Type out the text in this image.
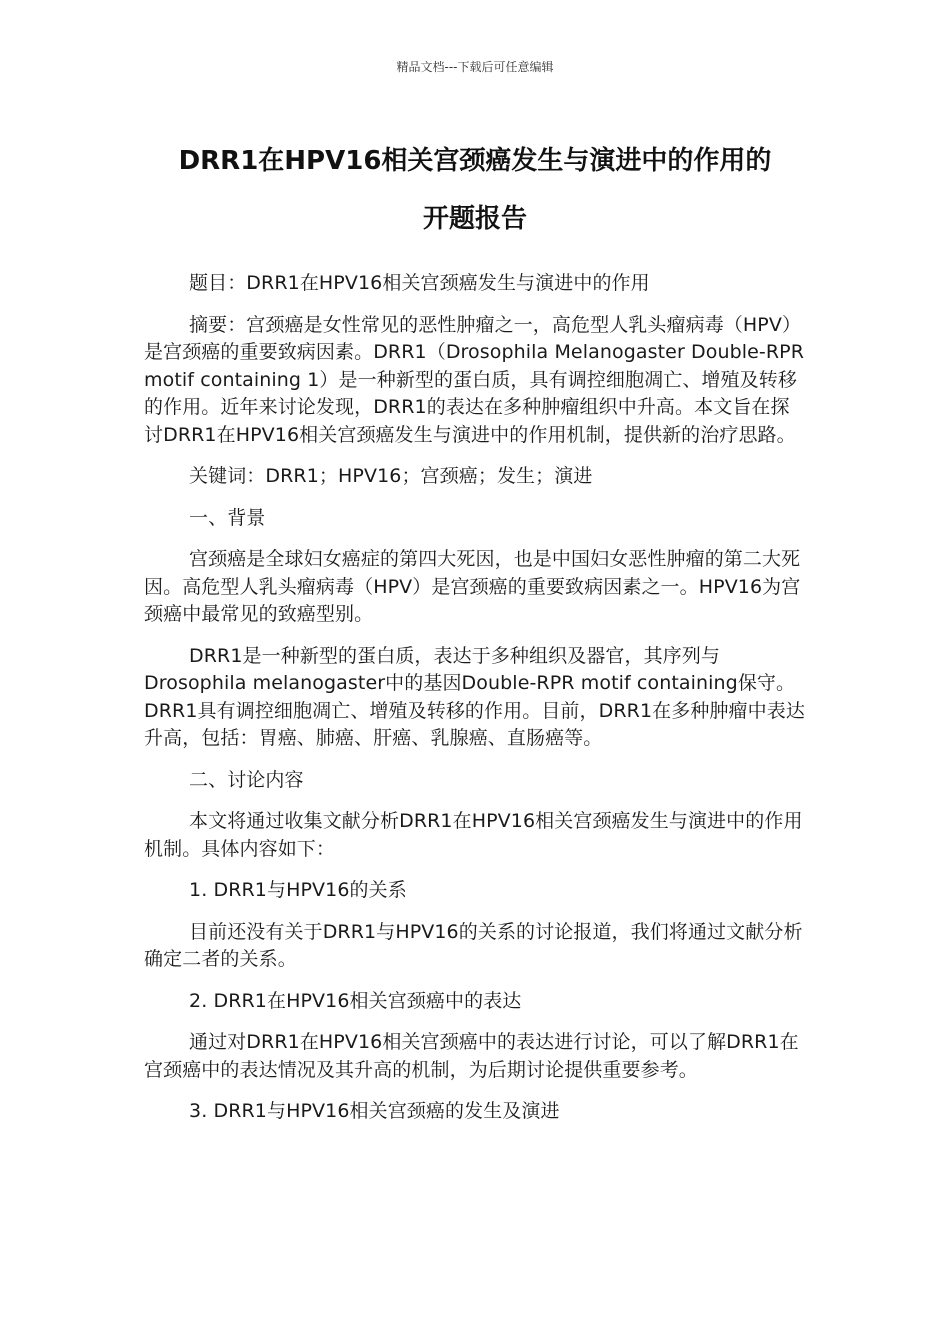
精品文档---下载后可任意编辑
DRR1在HPV16相关宫颈癌发生与演进中的作用的
开题报告

题目：DRR1在HPV16相关宫颈癌发生与演进中的作用

摘要：宫颈癌是女性常见的恶性肿瘤之一，高危型人乳头瘤病毒（HPV）是宫颈癌的重要致病因素。DRR1（Drosophila Melanogaster Double-RPR motif containing 1）是一种新型的蛋白质，具有调控细胞凋亡、增殖及转移的作用。近年来讨论发现，DRR1的表达在多种肿瘤组织中升高。本文旨在探讨DRR1在HPV16相关宫颈癌发生与演进中的作用机制，提供新的治疗思路。

关键词：DRR1；HPV16；宫颈癌；发生；演进

一、背景

宫颈癌是全球妇女癌症的第四大死因，也是中国妇女恶性肿瘤的第二大死因。高危型人乳头瘤病毒（HPV）是宫颈癌的重要致病因素之一。HPV16为宫颈癌中最常见的致癌型别。

DRR1是一种新型的蛋白质，表达于多种组织及器官，其序列与Drosophila melanogaster中的基因Double-RPR motif containing保守。DRR1具有调控细胞凋亡、增殖及转移的作用。目前，DRR1在多种肿瘤中表达升高，包括：胃癌、肺癌、肝癌、乳腺癌、直肠癌等。

二、讨论内容

本文将通过收集文献分析DRR1在HPV16相关宫颈癌发生与演进中的作用机制。具体内容如下：

1. DRR1与HPV16的关系

目前还没有关于DRR1与HPV16的关系的讨论报道，我们将通过文献分析确定二者的关系。

2. DRR1在HPV16相关宫颈癌中的表达

通过对DRR1在HPV16相关宫颈癌中的表达进行讨论，可以了解DRR1在宫颈癌中的表达情况及其升高的机制，为后期讨论提供重要参考。

3. DRR1与HPV16相关宫颈癌的发生及演进
